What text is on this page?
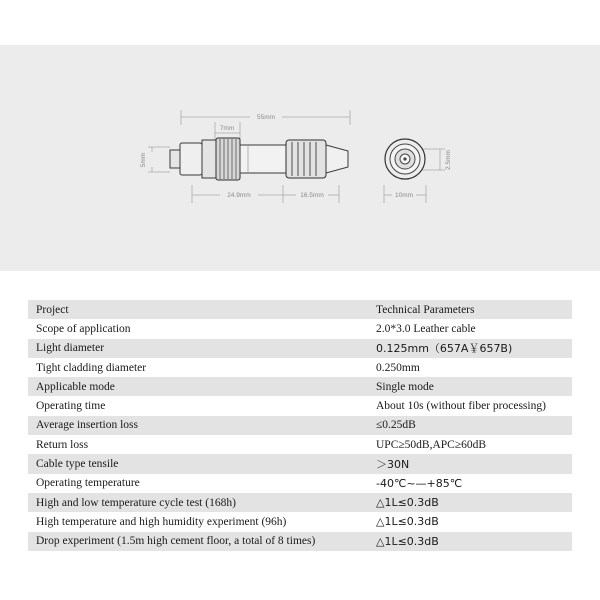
55mm
7mm
5mm
24.9mm	16.5mm	10mm
2.5mm
Project	Technical Parameters
Scope of application	2.0*3.0 Leather cable
Light diameter	0.125mm（657A￥657B)
Tight cladding diameter	0.250mm
Applicable mode	Single mode
Operating time	About 10s (without fiber processing)
Average insertion loss	≤0.25dB
Return loss	UPC≥50dB,APC≥60dB
Cable type tensile	＞30N
Operating temperature	-40℃~—+85℃
High and low temperature cycle test (168h)	△1L≤0.3dB
High temperature and high humidity experiment (96h)	△1L≤0.3dB
Drop experiment (1.5m high cement floor, a total of 8 times)	△1L≤0.3dB
